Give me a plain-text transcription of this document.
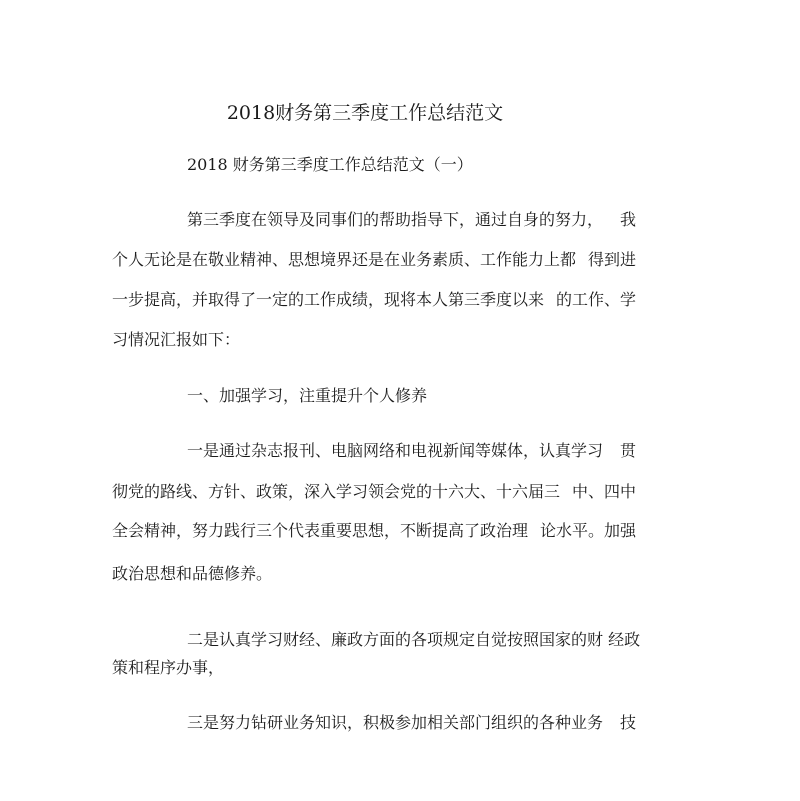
2018财务第三季度工作总结范文
2018 财务第三季度工作总结范文（一）
第三季度在领导及同事们的帮助指导下，通过自身的努力， 我
个人无论是在敬业精神、思想境界还是在业务素质、工作能力上都 得到进
一步提高，并取得了一定的工作成绩，现将本人第三季度以来 的工作、学
习情况汇报如下：
一、加强学习，注重提升个人修养
一是通过杂志报刊、电脑网络和电视新闻等媒体，认真学习 贯
彻党的路线、方针、政策，深入学习领会党的十六大、十六届三 中、四中
全会精神，努力践行三个代表重要思想，不断提高了政治理 论水平。加强
政治思想和品德修养。
二是认真学习财经、廉政方面的各项规定自觉按照国家的财 经政
策和程序办事，
三是努力钻研业务知识，积极参加相关部门组织的各种业务 技
